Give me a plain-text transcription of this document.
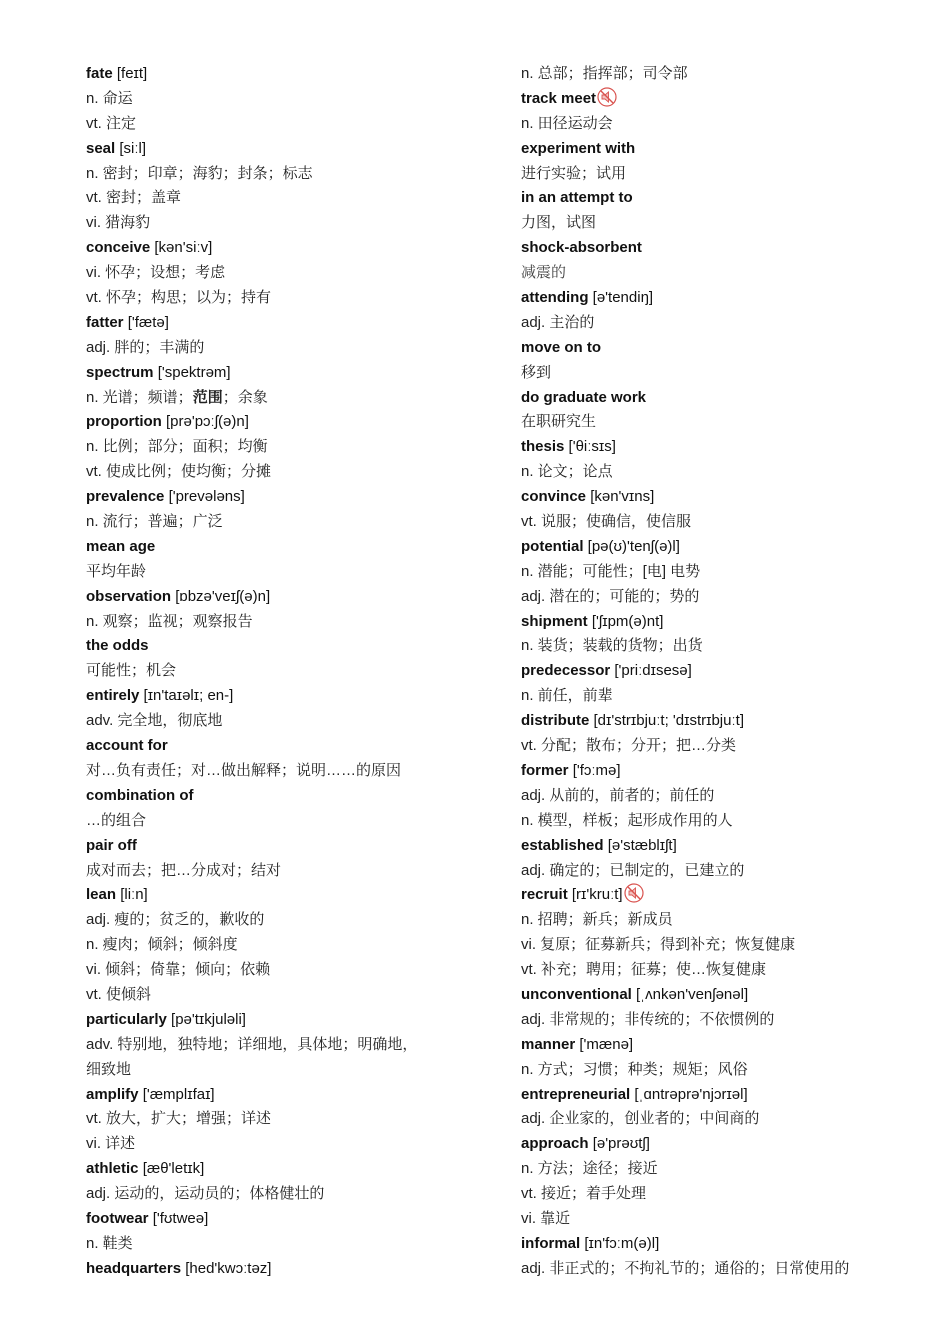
fate [feɪt]
n. 命运
vt. 注定
seal [siːl]
n. 密封；印章；海豹；封条；标志
vt. 密封；盖章
vi. 猎海豹
conceive [kən'siːv]
vi. 怀孕；设想；考虑
vt. 怀孕；构思；以为；持有
fatter ['fætə]
adj. 胖的；丰满的
spectrum ['spektrəm]
n. 光谱；频谱；范围；余象
proportion [prə'pɔːʃ(ə)n]
n. 比例；部分；面积；均衡
vt. 使成比例；使均衡；分摊
prevalence ['prevələns]
n. 流行；普遍；广泛
mean age
平均年龄
observation [ɒbzə'veɪʃ(ə)n]
n. 观察；监视；观察报告
the odds
可能性；机会
entirely [ɪn'taɪəlɪ; en-]
adv. 完全地，彻底地
account for
对…负有责任；对…做出解释；说明……的原因
combination of
…的组合
pair off
成对而去；把…分成对；结对
lean [liːn]
adj. 瘦的；贫乏的，歉收的
n. 瘦肉；倾斜；倾斜度
vi. 倾斜；倚靠；倾向；依赖
vt. 使倾斜
particularly [pə'tɪkjuləli]
adv. 特别地，独特地；详细地，具体地；明确地，
细致地
amplify ['æmplɪfaɪ]
vt. 放大，扩大；增强；详述
vi. 详述
athletic [æθ'letɪk]
adj. 运动的，运动员的；体格健壮的
footwear ['fʊtweə]
n. 鞋类
headquarters [hed'kwɔːtəz]
n. 总部；指挥部；司令部
track meet
n. 田径运动会
experiment with
进行实验；试用
in an attempt to
力图，试图
shock-absorbent
减震的
attending [ə'tendiŋ]
adj. 主治的
move on to
移到
do graduate work
在职研究生
thesis ['θiːsɪs]
n. 论文；论点
convince [kən'vɪns]
vt. 说服；使确信，使信服
potential [pə(ʊ)'tenʃ(ə)l]
n. 潜能；可能性；[电] 电势
adj. 潜在的；可能的；势的
shipment ['ʃɪpm(ə)nt]
n. 装货；装载的货物；出货
predecessor ['priːdɪsesə]
n. 前任，前辈
distribute [dɪ'strɪbjuːt; 'dɪstrɪbjuːt]
vt. 分配；散布；分开；把…分类
former ['fɔːmə]
adj. 从前的，前者的；前任的
n. 模型，样板；起形成作用的人
established [ə'stæblɪʃt]
adj. 确定的；已制定的，已建立的
recruit [rɪ'kruːt]
n. 招聘；新兵；新成员
vi. 复原；征募新兵；得到补充；恢复健康
vt. 补充；聘用；征募；使…恢复健康
unconventional [ˌʌnkən'venʃənəl]
adj. 非常规的；非传统的；不依惯例的
manner ['mænə]
n. 方式；习惯；种类；规矩；风俗
entrepreneurial [ˌɑntrəprə'njɔrɪəl]
adj. 企业家的，创业者的；中间商的
approach [ə'prəʊtʃ]
n. 方法；途径；接近
vt. 接近；着手处理
vi. 靠近
informal [ɪn'fɔːm(ə)l]
adj. 非正式的；不拘礼节的；通俗的；日常使用的
